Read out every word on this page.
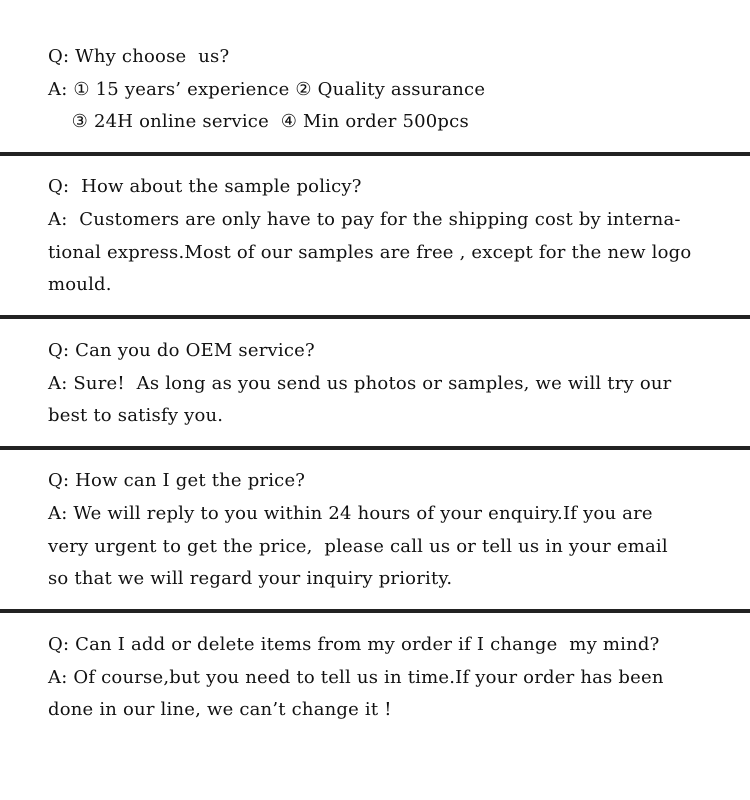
Q: Why choose  us?
A: ① 15 years’ experience ② Quality assurance
③ 24H online service  ④ Min order 500pcs
Q:  How about the sample policy?
A:  Customers are only have to pay for the shipping cost by interna-
tional express.Most of our samples are free , except for the new logo
mould.
Q: Can you do OEM service?
A: Sure!  As long as you send us photos or samples, we will try our
best to satisfy you.
Q: How can I get the price?
A: We will reply to you within 24 hours of your enquiry.If you are
very urgent to get the price,  please call us or tell us in your email
so that we will regard your inquiry priority.
Q: Can I add or delete items from my order if I change  my mind?
A: Of course,but you need to tell us in time.If your order has been
done in our line, we can’t change it !
